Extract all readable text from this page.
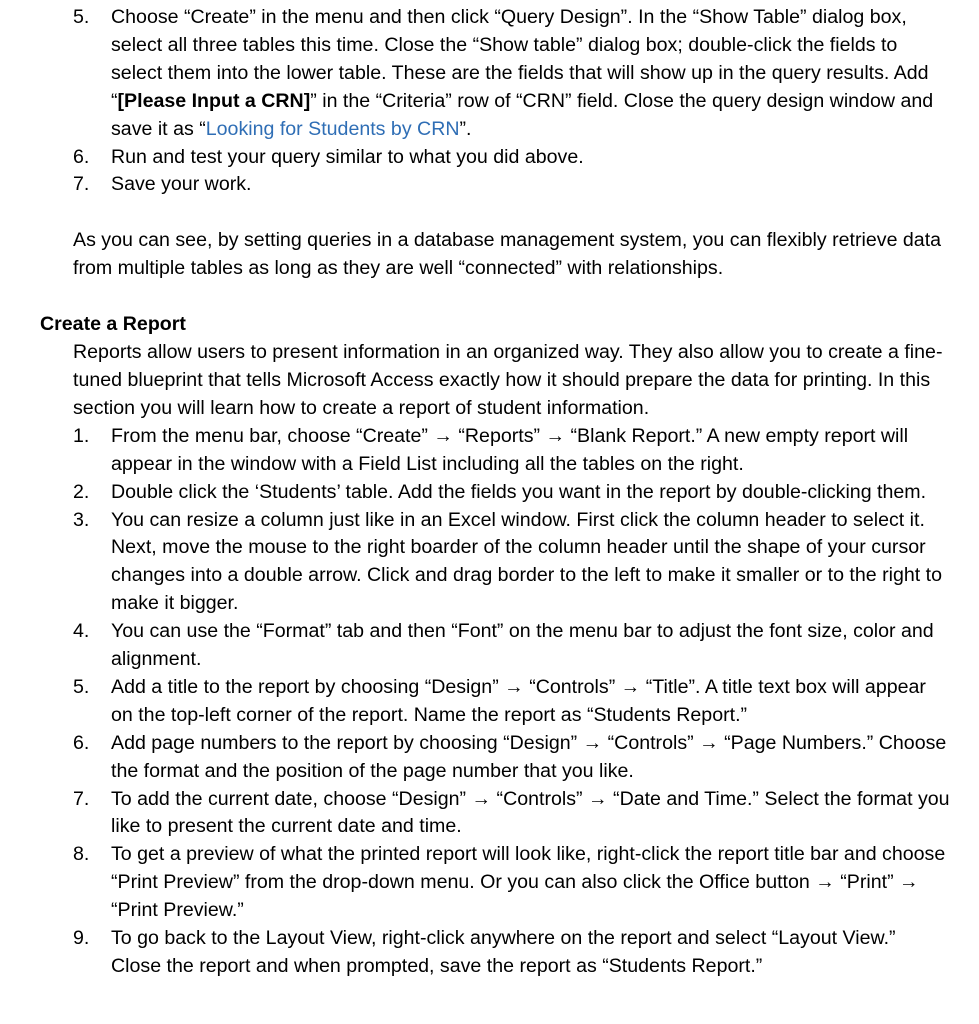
5. Choose “Create” in the menu and then click “Query Design”. In the “Show Table” dialog box, select all three tables this time. Close the “Show table” dialog box; double-click the fields to select them into the lower table. These are the fields that will show up in the query results. Add “[Please Input a CRN]” in the “Criteria” row of “CRN” field. Close the query design window and save it as “Looking for Students by CRN”.
6. Run and test your query similar to what you did above.
7. Save your work.
As you can see, by setting queries in a database management system, you can flexibly retrieve data from multiple tables as long as they are well “connected” with relationships.
Create a Report
Reports allow users to present information in an organized way. They also allow you to create a fine-tuned blueprint that tells Microsoft Access exactly how it should prepare the data for printing. In this section you will learn how to create a report of student information.
1. From the menu bar, choose “Create” → “Reports” → “Blank Report.” A new empty report will appear in the window with a Field List including all the tables on the right.
2. Double click the ‘Students’ table. Add the fields you want in the report by double-clicking them.
3. You can resize a column just like in an Excel window. First click the column header to select it. Next, move the mouse to the right boarder of the column header until the shape of your cursor changes into a double arrow. Click and drag border to the left to make it smaller or to the right to make it bigger.
4. You can use the “Format” tab and then “Font” on the menu bar to adjust the font size, color and alignment.
5. Add a title to the report by choosing “Design” → “Controls” → “Title”. A title text box will appear on the top-left corner of the report. Name the report as “Students Report.”
6. Add page numbers to the report by choosing “Design” → “Controls” → “Page Numbers.” Choose the format and the position of the page number that you like.
7. To add the current date, choose “Design” → “Controls” → “Date and Time.” Select the format you like to present the current date and time.
8. To get a preview of what the printed report will look like, right-click the report title bar and choose “Print Preview” from the drop-down menu. Or you can also click the Office button → “Print” → “Print Preview.”
9. To go back to the Layout View, right-click anywhere on the report and select “Layout View.” Close the report and when prompted, save the report as “Students Report.”
